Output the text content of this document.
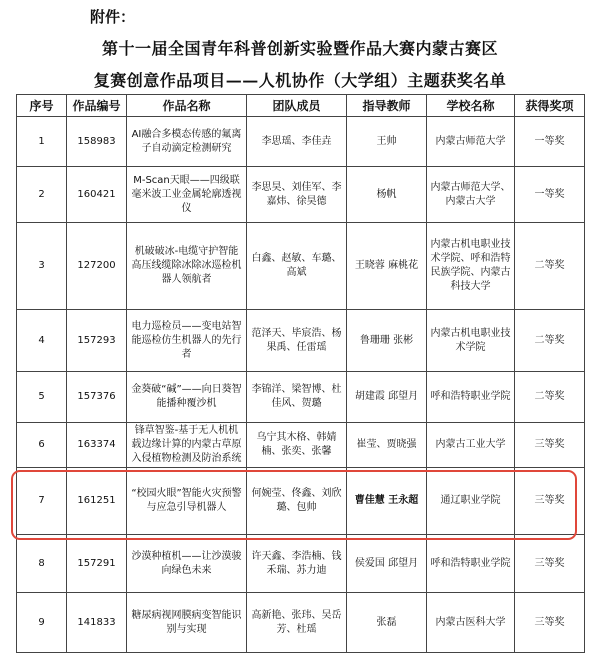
附件：
第十一届全国青年科普创新实验暨作品大赛内蒙古赛区
复赛创意作品项目——人机协作（大学组）主题获奖名单
序号	作品编号	作品名称	团队成员	指导教师	学校名称	获得奖项
1	158983	AI融合多模态传感的氟离子自动滴定检测研究	李思瑶、李佳垚	王帅	内蒙古师范大学	一等奖
2	160421	M-Scan天眼——四级联毫米波工业金属轮廓透视仪	李思昊、刘佳军、李嘉炜、徐昊德	杨帆	内蒙古师范大学、内蒙古大学	一等奖
3	127200	机破破冰-电缆守护智能高压线缆除冰除冰巡检机器人领航者	白鑫、赵敏、车璐、高斌	王晓蓉 麻桃花	内蒙古机电职业技术学院、呼和浩特民族学院、内蒙古科技大学	二等奖
4	157293	电力巡检员——变电站智能巡检仿生机器人的先行者	范泽天、毕宸浩、杨果禹、任雷瑶	鲁珊珊 张彬	内蒙古机电职业技术学院	二等奖
5	157376	金葵破“碱”——向日葵智能播种覆沙机	李锦洋、梁智博、杜佳风、贺璐	胡建霞 邱望月	呼和浩特职业学院	二等奖
6	163374	锋草智鉴-基于无人机机载边缘计算的内蒙古草原入侵植物检测及防治系统	乌宁其木格、韩婧楠、张奕、张馨	崔莹、贾晓强	内蒙古工业大学	三等奖
7	161251	“校园火眼”智能火灾预警与应急引导机器人	何婉莹、佟鑫、刘欣璐、包帅	曹佳慧 王永超	通辽职业学院	三等奖
8	157291	沙漠种植机——让沙漠骏向绿色未来	许天鑫、李浩楠、钱禾瑞、苏力迪	侯爱国 邱望月	呼和浩特职业学院	三等奖
9	141833	糖尿病视网膜病变智能识别与实现	高新艳、张玮、吴岳芳、杜瑶	张磊	内蒙古医科大学	三等奖
